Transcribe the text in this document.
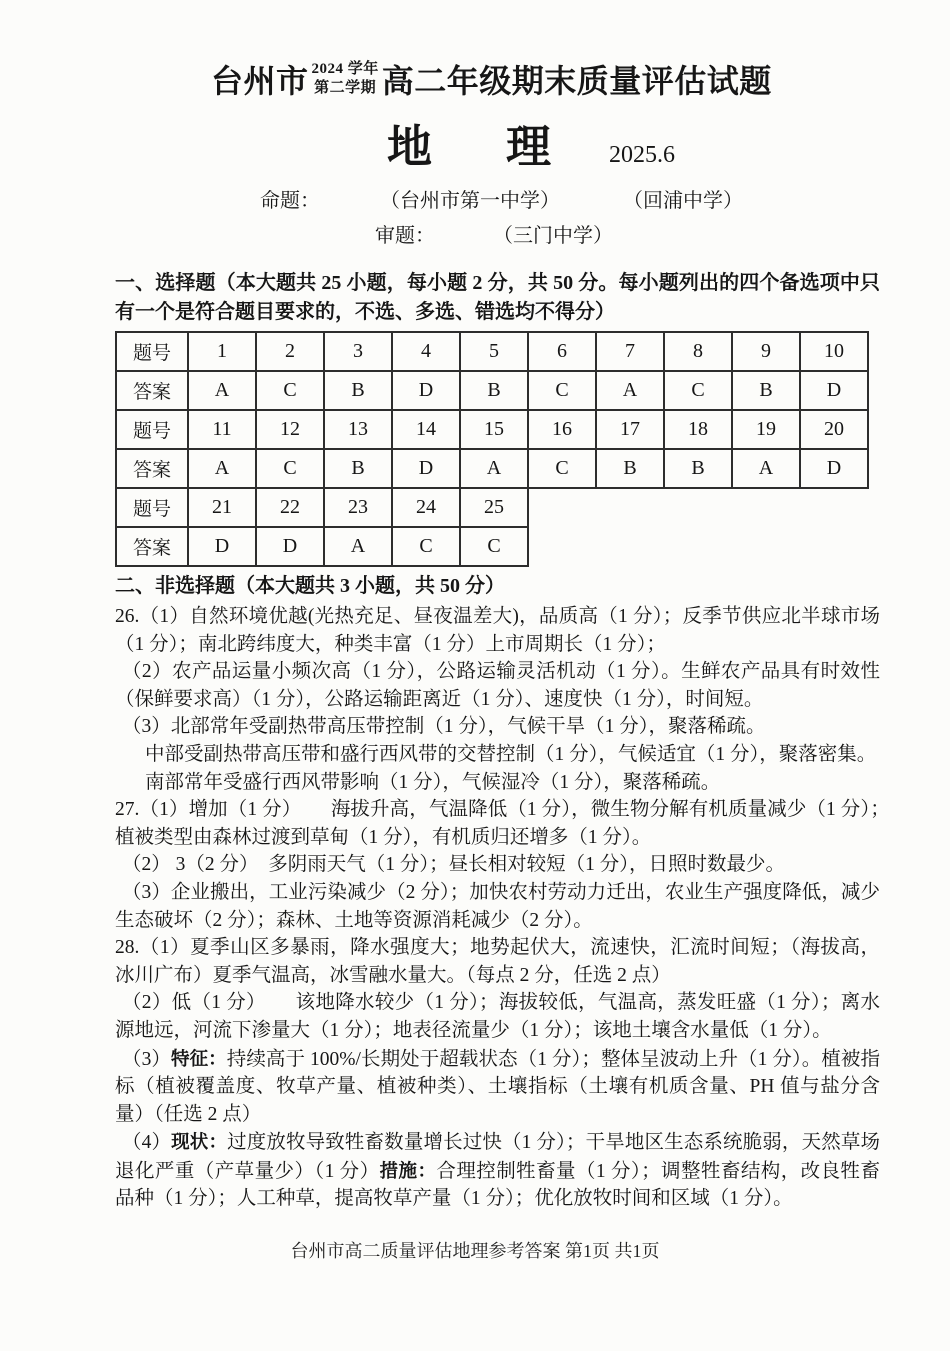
台州市 2024 学年
第二学期 高二年级期末质量评估试题
地 理 2025.6
命题：	（台州市第一中学）	（回浦中学）
审题：	（三门中学）
一、选择题（本大题共 25 小题，每小题 2 分，共 50 分。每小题列出的四个备选项中只有一个是符合题目要求的，不选、多选、错选均不得分）
题号	1	2	3	4	5	6	7	8	9	10
答案	A	C	B	D	B	C	A	C	B	D
题号	11	12	13	14	15	16	17	18	19	20
答案	A	C	B	D	A	C	B	B	A	D
题号	21	22	23	24	25					
答案	D	D	A	C	C					
二、非选择题（本大题共 3 小题，共 50 分）

26.（1）自然环境优越(光热充足、昼夜温差大)，品质高（1 分）；反季节供应北半球市场（1 分）；南北跨纬度大，种类丰富（1 分）上市周期长（1 分）；

（2）农产品运量小频次高（1 分），公路运输灵活机动（1 分）。生鲜农产品具有时效性（保鲜要求高）（1 分），公路运输距离近（1 分）、速度快（1 分），时间短。

（3）北部常年受副热带高压带控制（1 分），气候干旱（1 分），聚落稀疏。

中部受副热带高压带和盛行西风带的交替控制（1 分），气候适宜（1 分），聚落密集。

南部常年受盛行西风带影响（1 分），气候湿冷（1 分），聚落稀疏。

27.（1）增加（1 分）　　海拔升高，气温降低（1 分），微生物分解有机质量减少（1 分）；　植被类型由森林过渡到草甸（1 分），有机质归还增多（1 分）。

（2） 3（2 分）　多阴雨天气（1 分）；昼长相对较短（1 分），日照时数最少。

（3）企业搬出，工业污染减少（2 分）；加快农村劳动力迁出，农业生产强度降低，减少生态破坏（2 分）；森林、土地等资源消耗减少（2 分）。

28.（1）夏季山区多暴雨，降水强度大；地势起伏大，流速快，汇流时间短；（海拔高，冰川广布）夏季气温高，冰雪融水量大。（每点 2 分，任选 2 点）

（2）低（1 分）　　该地降水较少（1 分）；海拔较低，气温高，蒸发旺盛（1 分）；离水源地远，河流下渗量大（1 分）；地表径流量少（1 分）；该地土壤含水量低（1 分）。

（3）特征：持续高于 100%/长期处于超载状态（1 分）；整体呈波动上升（1 分）。植被指标（植被覆盖度、牧草产量、植被种类）、土壤指标（土壤有机质含量、PH 值与盐分含量）（任选 2 点）

（4）现状：过度放牧导致牲畜数量增长过快（1 分）；干旱地区生态系统脆弱，天然草场退化严重（产草量少）（1 分）措施：合理控制牲畜量（1 分）；调整牲畜结构，改良牲畜品种（1 分）；人工种草，提高牧草产量（1 分）；优化放牧时间和区域（1 分）。

台州市高二质量评估地理参考答案 第1页 共1页
